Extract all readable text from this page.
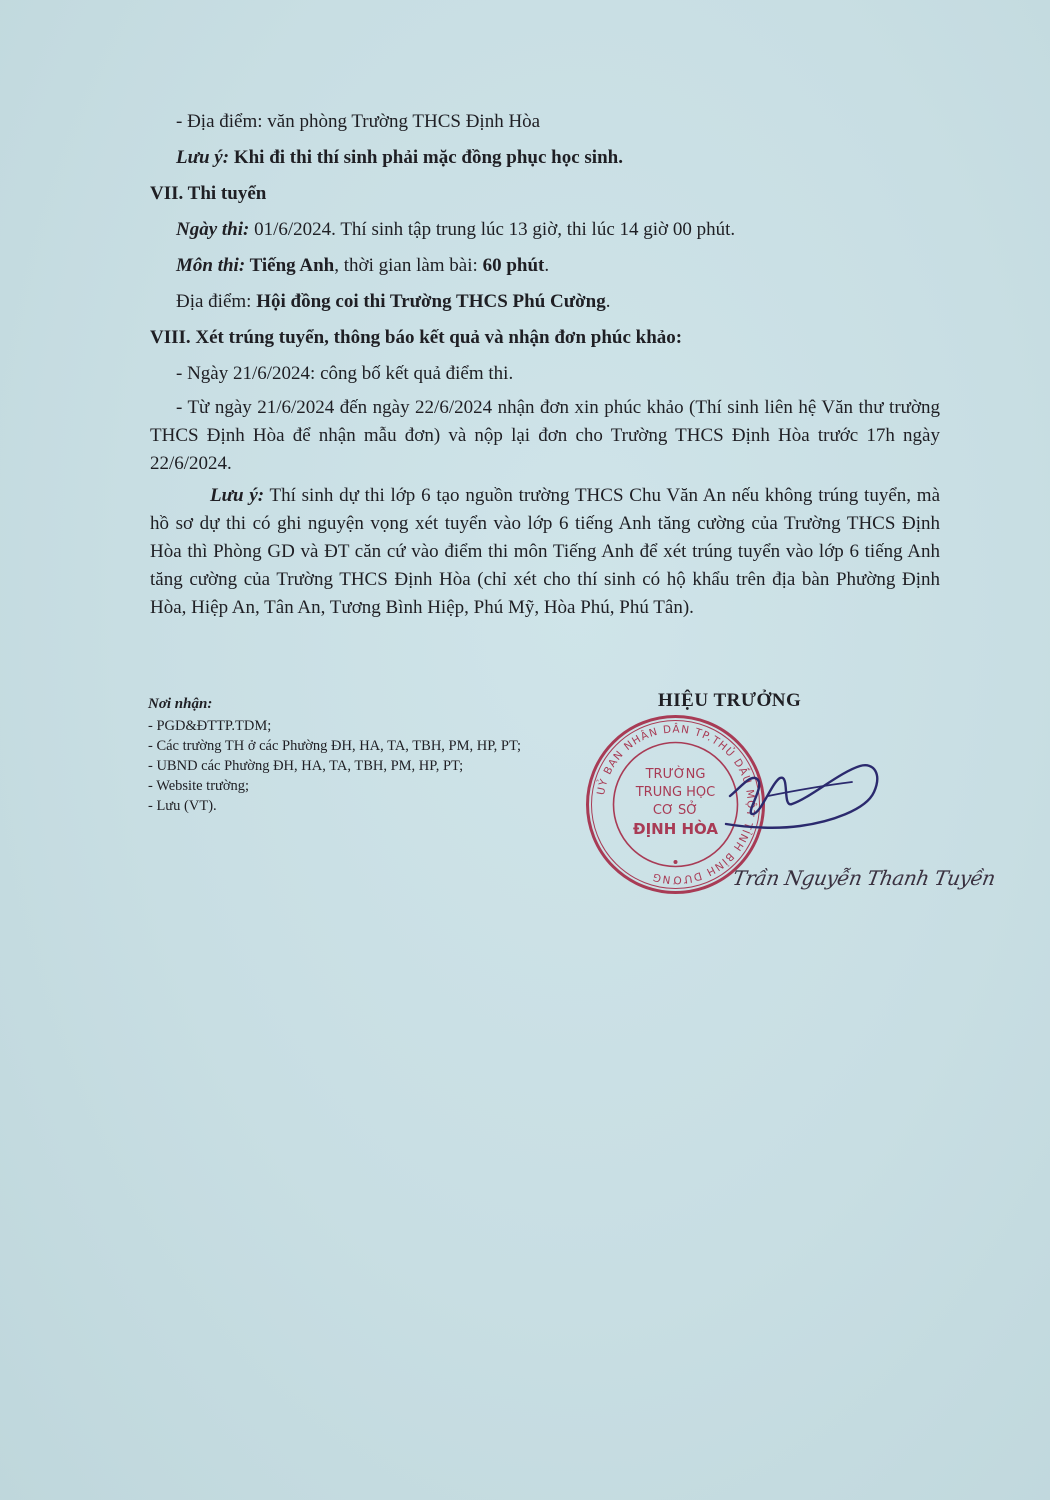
- Địa điểm: văn phòng Trường THCS Định Hòa
Lưu ý: Khi đi thi thí sinh phải mặc đồng phục học sinh.
VII. Thi tuyển
Ngày thi: 01/6/2024. Thí sinh tập trung lúc 13 giờ, thi lúc 14 giờ 00 phút.
Môn thi: Tiếng Anh, thời gian làm bài: 60 phút.
Địa điểm: Hội đồng coi thi Trường THCS Phú Cường.
VIII. Xét trúng tuyển, thông báo kết quả và nhận đơn phúc khảo:
- Ngày 21/6/2024: công bố kết quả điểm thi.
- Từ ngày 21/6/2024 đến ngày 22/6/2024 nhận đơn xin phúc khảo (Thí sinh liên hệ Văn thư trường THCS Định Hòa để nhận mẫu đơn) và nộp lại đơn cho Trường THCS Định Hòa trước 17h ngày 22/6/2024.
Lưu ý: Thí sinh dự thi lớp 6 tạo nguồn trường THCS Chu Văn An nếu không trúng tuyển, mà hồ sơ dự thi có ghi nguyện vọng xét tuyển vào lớp 6 tiếng Anh tăng cường của Trường THCS Định Hòa thì Phòng GD và ĐT căn cứ vào điểm thi môn Tiếng Anh để xét trúng tuyển vào lớp 6 tiếng Anh tăng cường của Trường THCS Định Hòa (chỉ xét cho thí sinh có hộ khẩu trên địa bàn Phường Định Hòa, Hiệp An, Tân An, Tương Bình Hiệp, Phú Mỹ, Hòa Phú, Phú Tân).
Nơi nhận:
- PGD&ĐTTP.TDM;
- Các trường TH ở các Phường ĐH, HA, TA, TBH, PM, HP, PT;
- UBND các Phường ĐH, HA, TA, TBH, PM, HP, PT;
- Website trường;
- Lưu (VT).
HIỆU TRƯỞNG
UỶ BAN NHÂN DÂN TP.THỦ DẦU MỘT TỈNH BÌNH DƯƠNG
TRƯỜNG
TRUNG HỌC
CƠ SỞ
ĐỊNH HÒA
Trần Nguyễn Thanh Tuyền
